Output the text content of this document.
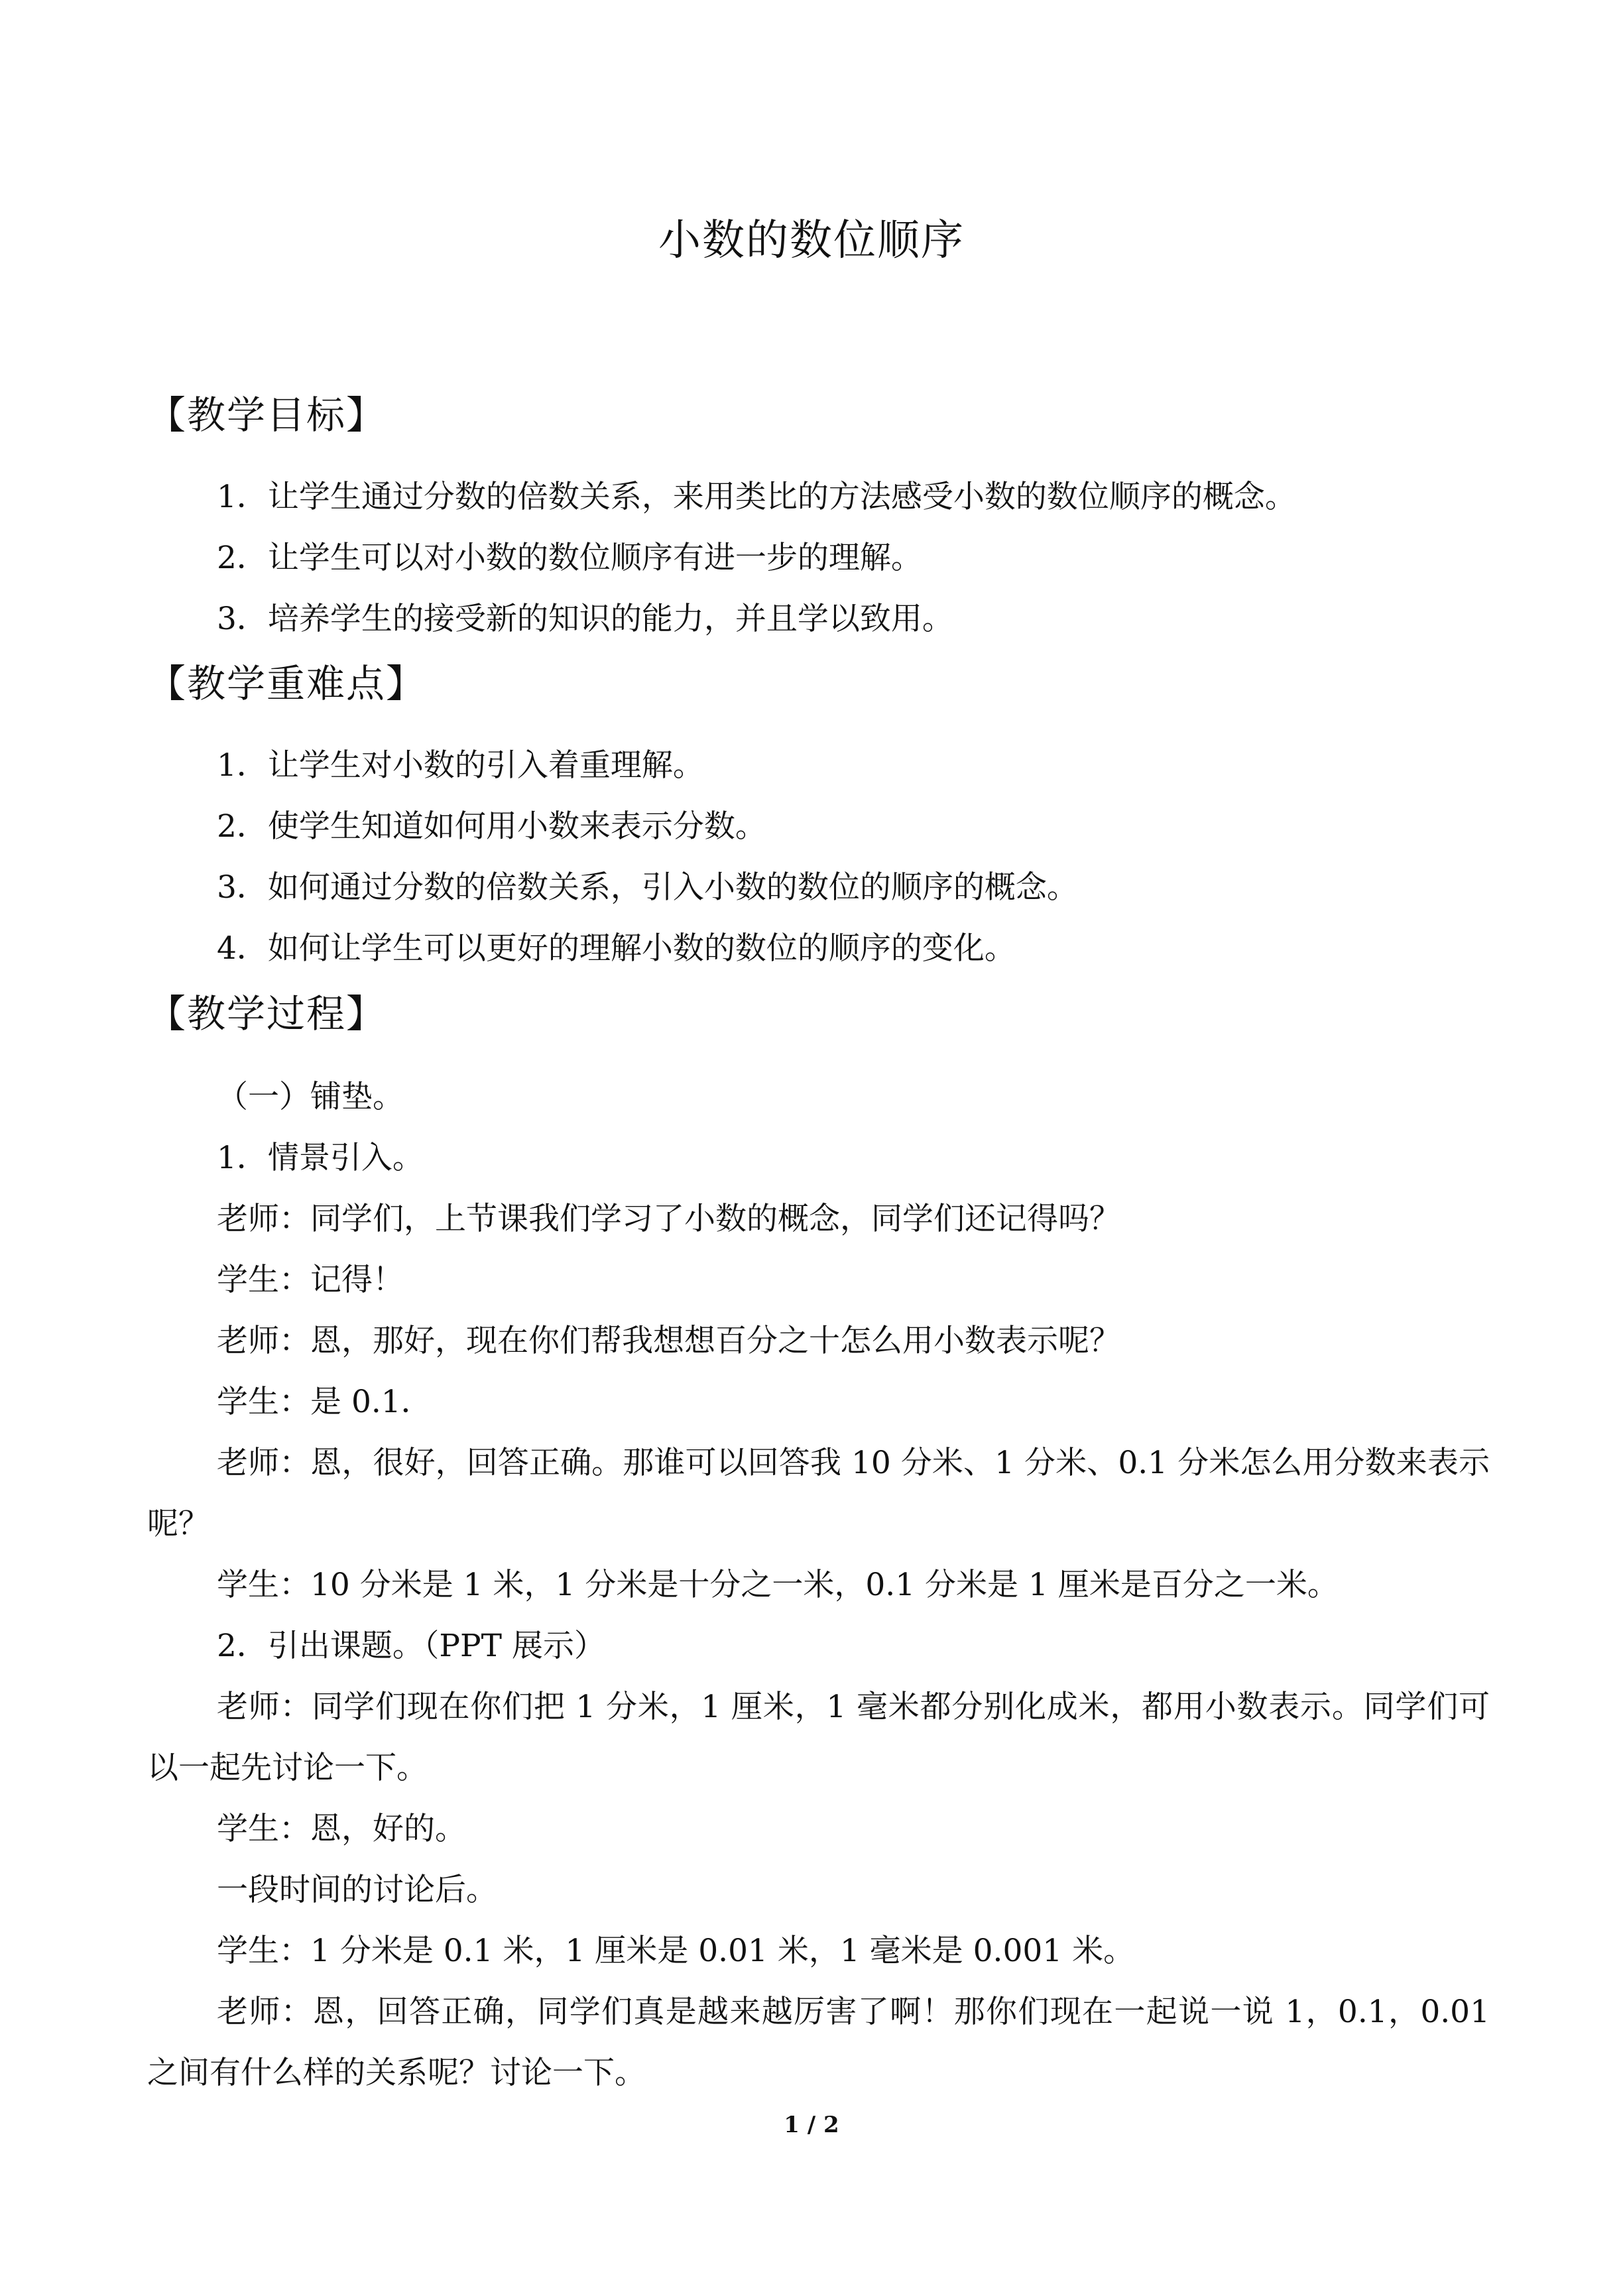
小数的数位顺序
【教学目标】
1．让学生通过分数的倍数关系，来用类比的方法感受小数的数位顺序的概念。
2．让学生可以对小数的数位顺序有进一步的理解。
3．培养学生的接受新的知识的能力，并且学以致用。
【教学重难点】
1．让学生对小数的引入着重理解。
2．使学生知道如何用小数来表示分数。
3．如何通过分数的倍数关系，引入小数的数位的顺序的概念。
4．如何让学生可以更好的理解小数的数位的顺序的变化。
【教学过程】
（一）铺垫。
1．情景引入。
老师：同学们，上节课我们学习了小数的概念，同学们还记得吗？
学生：记得！
老师：恩，那好，现在你们帮我想想百分之十怎么用小数表示呢？
学生：是 0.1．
老师：恩，很好，回答正确。那谁可以回答我 10 分米、1 分米、0.1 分米怎么用分数来表示呢？
学生：10 分米是 1 米，1 分米是十分之一米，0.1 分米是 1 厘米是百分之一米。
2．引出课题。（PPT 展示）
老师：同学们现在你们把 1 分米，1 厘米，1 毫米都分别化成米，都用小数表示。同学们可以一起先讨论一下。
学生：恩，好的。
一段时间的讨论后。
学生：1 分米是 0.1 米，1 厘米是 0.01 米，1 毫米是 0.001 米。
老师：恩，回答正确，同学们真是越来越厉害了啊！那你们现在一起说一说 1，0.1，0.01 之间有什么样的关系呢？讨论一下。
1 / 2
